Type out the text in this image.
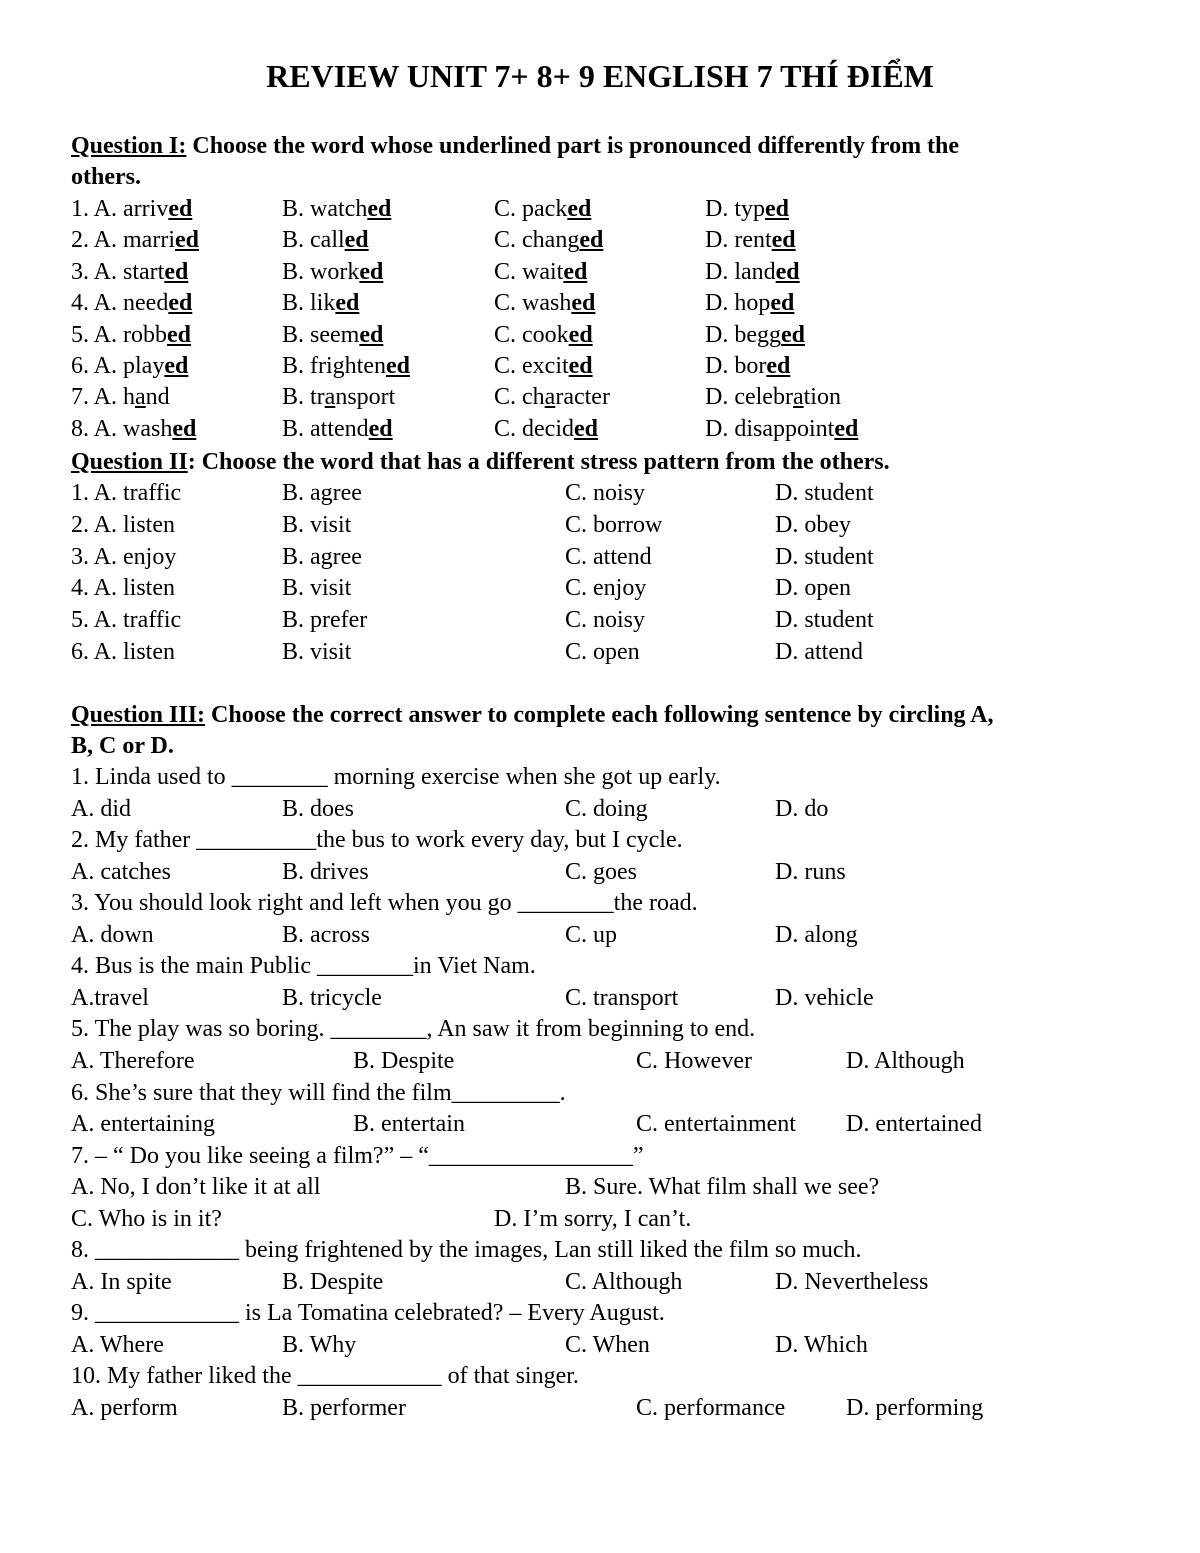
REVIEW UNIT 7+ 8+ 9 ENGLISH 7 THÍ ĐIỂM
Question I: Choose the word whose underlined part is pronounced differently from the
others.
1. A. arrived	B. watched	C. packed	D. typed
2. A. married	B. called	C. changed	D. rented
3. A. started	B. worked	C. waited	D. landed
4. A. needed	B. liked	C. washed	D. hoped
5. A. robbed	B. seemed	C. cooked	D. begged
6. A. played	B. frightened	C. excited	D. bored
7. A. hand	B. transport	C. character	D. celebration
8. A. washed	B. attended	C. decided	D. disappointed
Question II: Choose the word that has a different stress pattern from the others.
1. A. traffic	B. agree	C. noisy	D. student
2. A. listen	B. visit	C. borrow	D. obey
3. A. enjoy	B. agree	C. attend	D. student
4. A. listen	B. visit	C. enjoy	D. open
5. A. traffic	B. prefer	C. noisy	D. student
6. A. listen	B. visit	C. open	D. attend
Question III: Choose the correct answer to complete each following sentence by circling A,
B, C or D.
1. Linda used to ________ morning exercise when she got up early.
A. did	B. does	C. doing	D. do
2. My father __________the bus to work every day, but I cycle.
A. catches	B. drives	C. goes	D. runs
3. You should look right and left when you go ________the road.
A. down	B. across	C. up	D. along
4. Bus is the main Public ________in Viet Nam.
A.travel	B. tricycle	C. transport	D. vehicle
5. The play was so boring. ________, An saw it from beginning to end.
A. Therefore	B. Despite	C. However	D. Although
6. She’s sure that they will find the film_________.
A. entertaining	B. entertain	C. entertainment D. entertained
7. – “ Do you like seeing a film?” – “_________________”
A. No, I don’t like it at all	B. Sure. What film shall we see?
C. Who is in it?	D. I’m sorry, I can’t.
8. ____________ being frightened by the images, Lan still liked the film so much.
A. In spite	B. Despite	C. Although	D. Nevertheless
9. ____________ is La Tomatina celebrated? – Every August.
A. Where	B. Why	C. When	D. Which
10. My father liked the ____________ of that singer.
A. perform	B. performer	C. performance	D. performing
